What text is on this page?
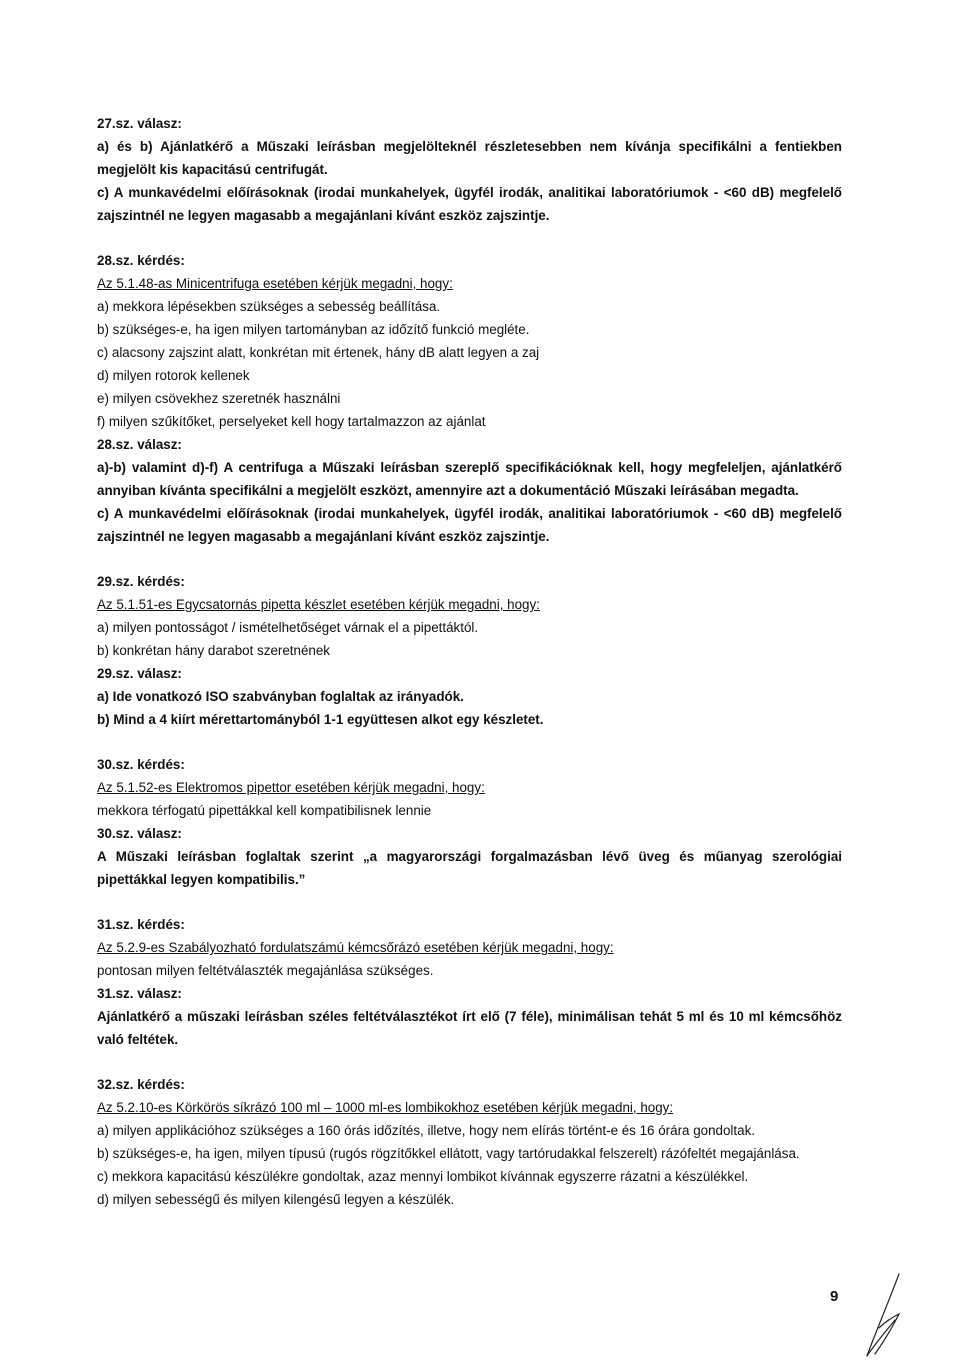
27.sz. válasz:
a) és b) Ajánlatkérő a Műszaki leírásban megjelölteknél részletesebben nem kívánja specifikálni a fentiekben megjelölt kis kapacitású centrifugát.
c) A munkavédelmi előírásoknak (irodai munkahelyek, ügyfél irodák, analitikai laboratóriumok - <60 dB) megfelelő zajszintnél ne legyen magasabb a megajánlani kívánt eszköz zajszintje.
28.sz. kérdés:
Az 5.1.48-as Minicentrifuga esetében kérjük megadni, hogy:
a) mekkora lépésekben szükséges a sebesség beállítása.
b) szükséges-e, ha igen milyen tartományban az időzítő funkció megléte.
c) alacsony zajszint alatt, konkrétan mit értenek, hány dB alatt legyen a zaj
d) milyen rotorok kellenek
e) milyen csövekhez szeretnék használni
f) milyen szűkítőket, perselyeket kell hogy tartalmazzon az ajánlat
28.sz. válasz:
a)-b) valamint d)-f) A centrifuga a Műszaki leírásban szereplő specifikációknak kell, hogy megfeleljen, ajánlatkérő annyiban kívánta specifikálni a megjelölt eszközt, amennyire azt a dokumentáció Műszaki leírásában megadta.
c) A munkavédelmi előírásoknak (irodai munkahelyek, ügyfél irodák, analitikai laboratóriumok - <60 dB) megfelelő zajszintnél ne legyen magasabb a megajánlani kívánt eszköz zajszintje.
29.sz. kérdés:
Az 5.1.51-es Egycsatornás pipetta készlet esetében kérjük megadni, hogy:
a) milyen pontosságot / ismételhetőséget várnak el a pipettáktól.
b) konkrétan hány darabot szeretnének
29.sz. válasz:
a) Ide vonatkozó ISO szabványban foglaltak az irányadók.
b) Mind a 4 kiírt mérettartományból 1-1 együttesen alkot egy készletet.
30.sz. kérdés:
Az 5.1.52-es Elektromos pipettor esetében kérjük megadni, hogy:
mekkora térfogatú pipettákkal kell kompatibilisnek lennie
30.sz. válasz:
A Műszaki leírásban foglaltak szerint „a magyarországi forgalmazásban lévő üveg és műanyag szerológiai pipettákkal legyen kompatibilis.”
31.sz. kérdés:
Az 5.2.9-es Szabályozható fordulatszámú kémcsőrázó esetében kérjük megadni, hogy:
pontosan milyen feltétválaszték megajánlása szükséges.
31.sz. válasz:
Ajánlatkérő a műszaki leírásban széles feltétválasztékot írt elő (7 féle), minimálisan tehát 5 ml és 10 ml kémcsőhöz való feltétek.
32.sz. kérdés:
Az 5.2.10-es Körkörös síkrázó 100 ml – 1000 ml-es lombikokhoz esetében kérjük megadni, hogy:
a) milyen applikációhoz szükséges a 160 órás időzítés, illetve, hogy nem elírás történt-e és 16 órára gondoltak.
b) szükséges-e, ha igen, milyen típusú (rugós rögzítőkkel ellátott, vagy tartórudakkal felszerelt) rázófeltét megajánlása.
c) mekkora kapacitású készülékre gondoltak, azaz mennyi lombikot kívánnak egyszerre rázatni a készülékkel.
d) milyen sebességű és milyen kilengésű legyen a készülék.
9
